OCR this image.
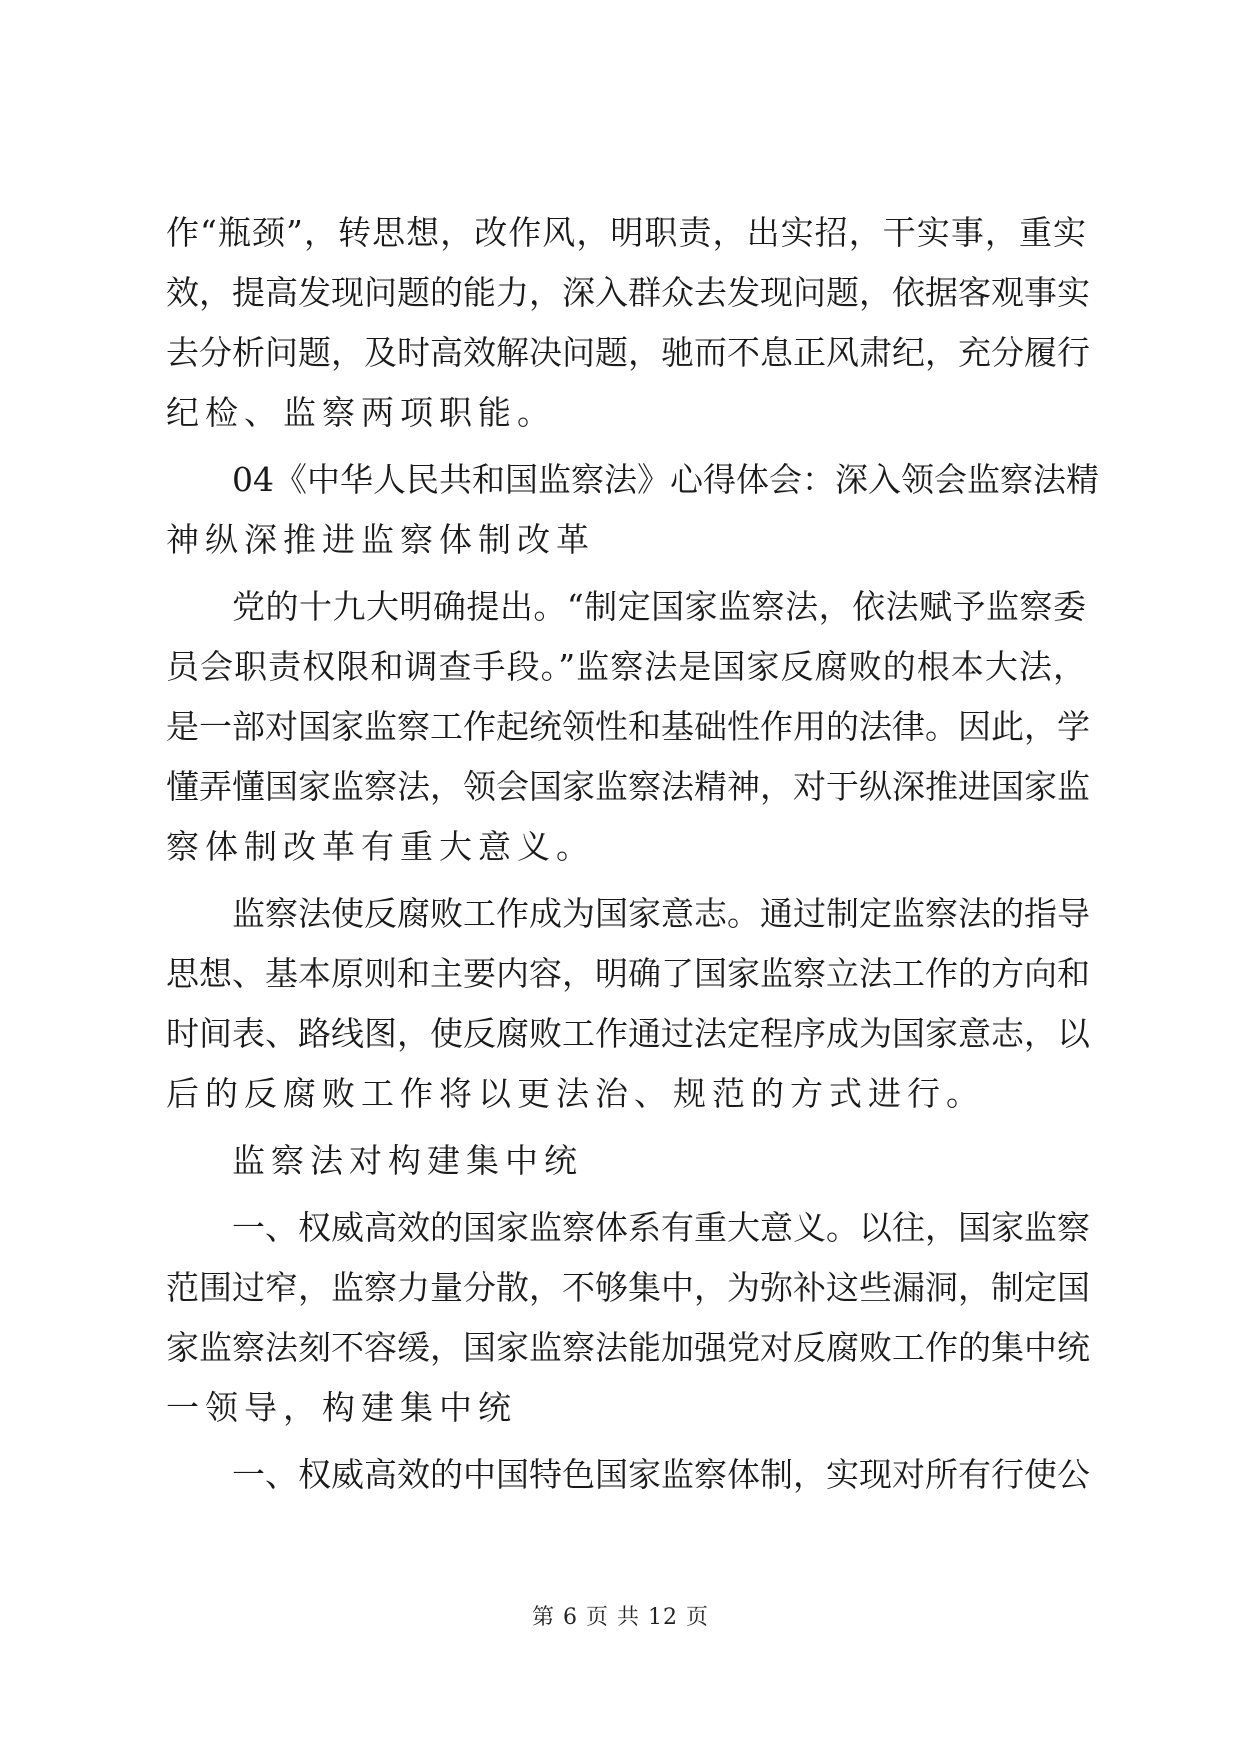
作“瓶颈”，转思想，改作风，明职责，出实招，干实事，重实
效，提高发现问题的能力，深入群众去发现问题，依据客观事实
去分析问题，及时高效解决问题，驰而不息正风肃纪，充分履行
纪检、监察两项职能。
04《中华人民共和国监察法》心得体会：深入领会监察法精
神纵深推进监察体制改革
党的十九大明确提出。“制定国家监察法，依法赋予监察委
员会职责权限和调查手段。”监察法是国家反腐败的根本大法，
是一部对国家监察工作起统领性和基础性作用的法律。因此，学
懂弄懂国家监察法，领会国家监察法精神，对于纵深推进国家监
察体制改革有重大意义。
监察法使反腐败工作成为国家意志。通过制定监察法的指导
思想、基本原则和主要内容，明确了国家监察立法工作的方向和
时间表、路线图，使反腐败工作通过法定程序成为国家意志，以
后的反腐败工作将以更法治、规范的方式进行。
监察法对构建集中统
一、权威高效的国家监察体系有重大意义。以往，国家监察
范围过窄，监察力量分散，不够集中，为弥补这些漏洞，制定国
家监察法刻不容缓，国家监察法能加强党对反腐败工作的集中统
一领导，构建集中统
一、权威高效的中国特色国家监察体制，实现对所有行使公
第 6 页 共 12 页
